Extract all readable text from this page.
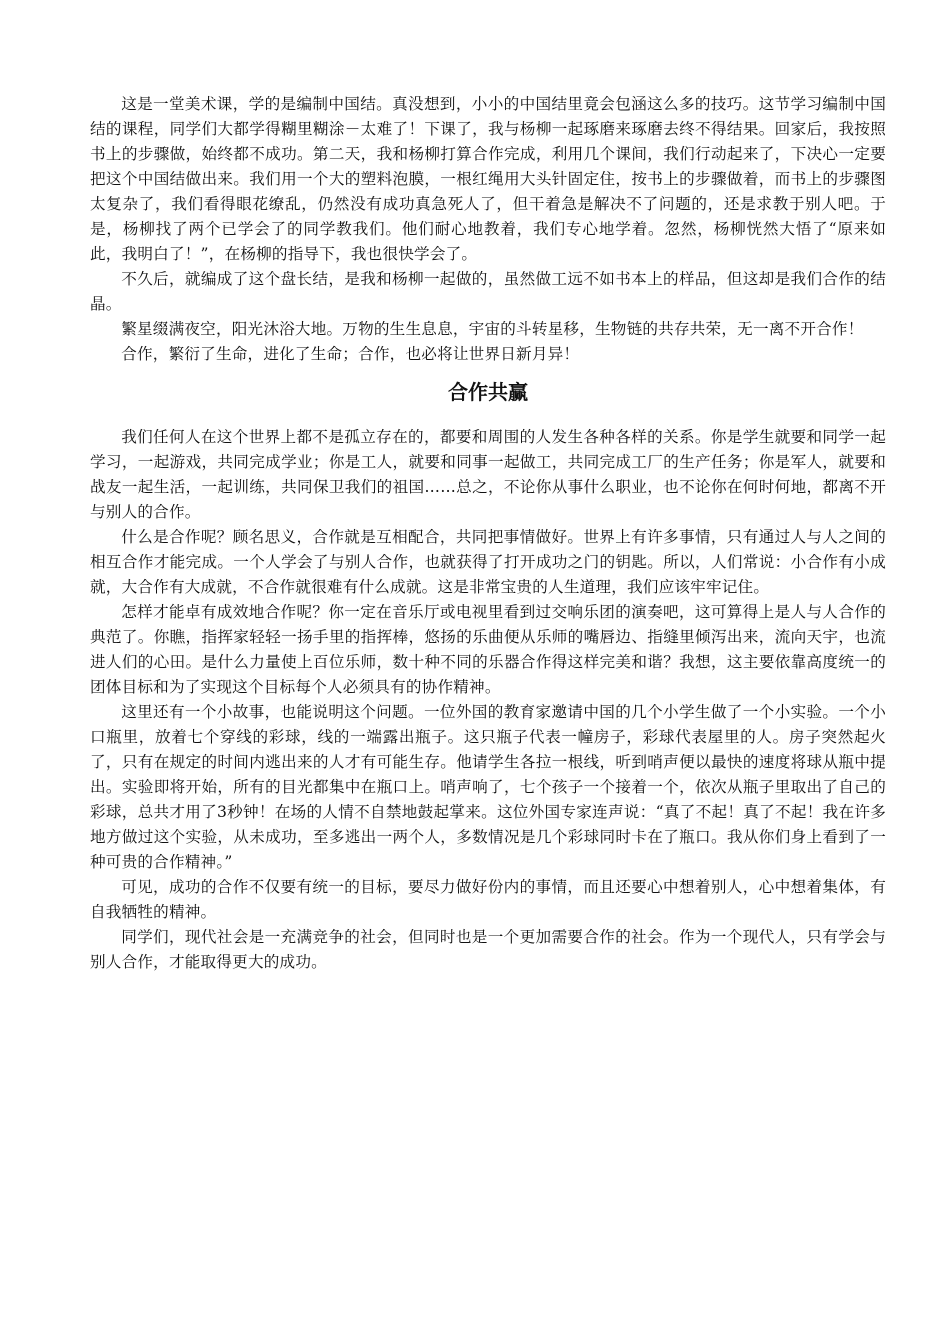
这是一堂美术课，学的是编制中国结。真没想到，小小的中国结里竟会包涵这么多的技巧。这节学习编制中国结的课程，同学们大都学得糊里糊涂－太难了！下课了，我与杨柳一起琢磨来琢磨去终不得结果。回家后，我按照书上的步骤做，始终都不成功。第二天，我和杨柳打算合作完成，利用几个课间，我们行动起来了，下决心一定要把这个中国结做出来。我们用一个大的塑料泡膜，一根红绳用大头针固定住，按书上的步骤做着，而书上的步骤图太复杂了，我们看得眼花缭乱，仍然没有成功真急死人了，但干着急是解决不了问题的，还是求教于别人吧。于是，杨柳找了两个已学会了的同学教我们。他们耐心地教着，我们专心地学着。忽然，杨柳恍然大悟了“原来如此，我明白了！”，在杨柳的指导下，我也很快学会了。

不久后，就编成了这个盘长结，是我和杨柳一起做的，虽然做工远不如书本上的样品，但这却是我们合作的结晶。

繁星缀满夜空，阳光沐浴大地。万物的生生息息，宇宙的斗转星移，生物链的共存共荣，无一离不开合作！

合作，繁衍了生命，进化了生命；合作，也必将让世界日新月异！

合作共赢

我们任何人在这个世界上都不是孤立存在的，都要和周围的人发生各种各样的关系。你是学生就要和同学一起学习，一起游戏，共同完成学业；你是工人，就要和同事一起做工，共同完成工厂的生产任务；你是军人，就要和战友一起生活，一起训练，共同保卫我们的祖国……总之，不论你从事什么职业，也不论你在何时何地，都离不开与别人的合作。

什么是合作呢？顾名思义，合作就是互相配合，共同把事情做好。世界上有许多事情，只有通过人与人之间的相互合作才能完成。一个人学会了与别人合作，也就获得了打开成功之门的钥匙。所以，人们常说：小合作有小成就，大合作有大成就，不合作就很难有什么成就。这是非常宝贵的人生道理，我们应该牢牢记住。

怎样才能卓有成效地合作呢？你一定在音乐厅或电视里看到过交响乐团的演奏吧，这可算得上是人与人合作的典范了。你瞧，指挥家轻轻一扬手里的指挥棒，悠扬的乐曲便从乐师的嘴唇边、指缝里倾泻出来，流向天宇，也流进人们的心田。是什么力量使上百位乐师，数十种不同的乐器合作得这样完美和谐？我想，这主要依靠高度统一的团体目标和为了实现这个目标每个人必须具有的协作精神。

这里还有一个小故事，也能说明这个问题。一位外国的教育家邀请中国的几个小学生做了一个小实验。一个小口瓶里，放着七个穿线的彩球，线的一端露出瓶子。这只瓶子代表一幢房子，彩球代表屋里的人。房子突然起火了，只有在规定的时间内逃出来的人才有可能生存。他请学生各拉一根线，听到哨声便以最快的速度将球从瓶中提出。实验即将开始，所有的目光都集中在瓶口上。哨声响了，七个孩子一个接着一个，依次从瓶子里取出了自己的彩球，总共才用了3秒钟！在场的人情不自禁地鼓起掌来。这位外国专家连声说：“真了不起！真了不起！我在许多地方做过这个实验，从未成功，至多逃出一两个人，多数情况是几个彩球同时卡在了瓶口。我从你们身上看到了一种可贵的合作精神。”

可见，成功的合作不仅要有统一的目标，要尽力做好份内的事情，而且还要心中想着别人，心中想着集体，有自我牺牲的精神。

同学们，现代社会是一充满竞争的社会，但同时也是一个更加需要合作的社会。作为一个现代人，只有学会与别人合作，才能取得更大的成功。
